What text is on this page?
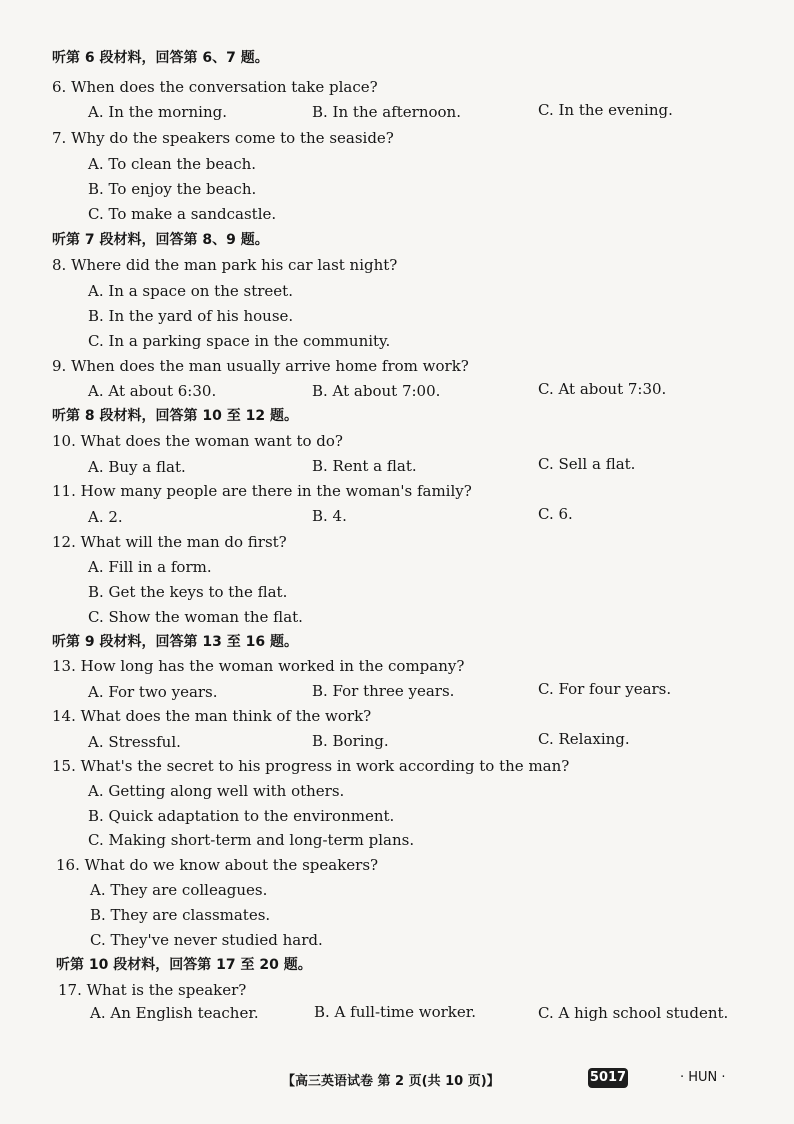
听第 6 段材料，回答第 6、7 题。
6. When does the conversation take place?
A. In the morning.	B. In the afternoon.	C. In the evening.
7. Why do the speakers come to the seaside?
A. To clean the beach.
B. To enjoy the beach.
C. To make a sandcastle.
听第 7 段材料，回答第 8、9 题。
8. Where did the man park his car last night?
A. In a space on the street.
B. In the yard of his house.
C. In a parking space in the community.
9. When does the man usually arrive home from work?
A. At about 6:30.	B. At about 7:00.	C. At about 7:30.
听第 8 段材料，回答第 10 至 12 题。
10. What does the woman want to do?
A. Buy a flat.	B. Rent a flat.	C. Sell a flat.
11. How many people are there in the woman's family?
A. 2.	B. 4.	C. 6.
12. What will the man do first?
A. Fill in a form.
B. Get the keys to the flat.
C. Show the woman the flat.
听第 9 段材料，回答第 13 至 16 题。
13. How long has the woman worked in the company?
A. For two years.	B. For three years.	C. For four years.
14. What does the man think of the work?
A. Stressful.	B. Boring.	C. Relaxing.
15. What's the secret to his progress in work according to the man?
A. Getting along well with others.
B. Quick adaptation to the environment.
C. Making short-term and long-term plans.
16. What do we know about the speakers?
A. They are colleagues.
B. They are classmates.
C. They've never studied hard.
听第 10 段材料，回答第 17 至 20 题。
17. What is the speaker?
A. An English teacher.	B. A full-time worker.	C. A high school student.
【高三英语试卷 第 2 页(共 10 页)】	5017	· HUN ·
